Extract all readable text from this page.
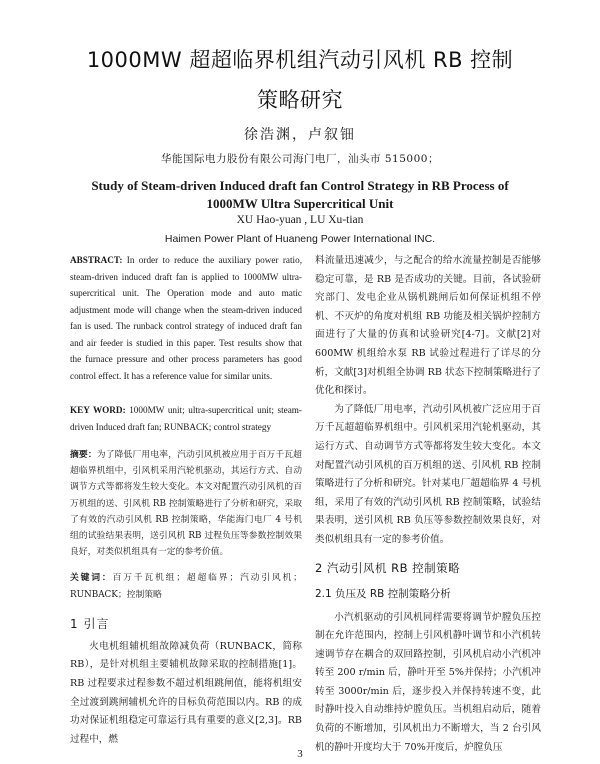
1000MW 超超临界机组汽动引风机 RB 控制
策略研究
徐浩渊，卢叙钿
华能国际电力股份有限公司海门电厂，汕头市 515000；
Study of Steam-driven Induced draft fan Control Strategy in RB Process of
1000MW Ultra Supercritical Unit
XU Hao-yuan , LU Xu-tian
Haimen Power Plant of Huaneng Power International INC.

ABSTRACT: In order to reduce the auxiliary power ratio, steam-driven induced draft fan is applied to 1000MW ultra-supercritical unit. The Operation mode and auto matic adjustment mode will change when the steam-driven induced fan is used. The runback control strategy of induced draft fan and air feeder is studied in this paper. Test results show that the furnace pressure and other process parameters has good control effect. It has a reference value for similar units.

KEY WORD: 1000MW unit; ultra-supercritical unit; steam-driven Induced draft fan; RUNBACK; control strategy

摘要：为了降低厂用电率，汽动引风机被应用于百万千瓦超超临界机组中，引风机采用汽轮机驱动，其运行方式、自动调节方式等都将发生较大变化。本文对配置汽动引风机的百万机组的送、引风机 RB 控制策略进行了分析和研究，采取了有效的汽动引风机 RB 控制策略，华能海门电厂 4 号机组的试验结果表明，送引风机 RB 过程负压等参数控制效果良好，对类似机组具有一定的参考价值。

关键词：百万千瓦机组；超超临界；汽动引风机；RUNBACK；控制策略

1 引言

火电机组辅机组故障减负荷（RUNBACK，简称 RB），是针对机组主要辅机故障采取的控制措施[1]。RB 过程要求过程参数不超过机组跳闸值，能将机组安全过渡到跳闸辅机允许的目标负荷范围以内。RB 的成功对保证机组稳定可靠运行具有重要的意义[2,3]。RB 过程中，燃

料流量迅速减少，与之配合的给水流量控制是否能够稳定可靠，是 RB 是否成功的关键。目前，各试验研究部门、发电企业从锅机跳闸后如何保证机组不停机、不灭炉的角度对机组 RB 功能及相关锅炉控制方面进行了大量的仿真和试验研究[4-7]。文献[2]对 600MW 机组给水泵 RB 试验过程进行了详尽的分析，文献[3]对机组全协调 RB 状态下控制策略进行了优化和探讨。

为了降低厂用电率，汽动引风机被广泛应用于百万千瓦超超临界机组中。引风机采用汽轮机驱动，其运行方式、自动调节方式等都将发生较大变化。本文对配置汽动引风机的百万机组的送、引风机 RB 控制策略进行了分析和研究。针对某电厂超超临界 4 号机组，采用了有效的汽动引风机 RB 控制策略，试验结果表明，送引风机 RB 负压等参数控制效果良好，对类似机组具有一定的参考价值。

2 汽动引风机 RB 控制策略
2.1 负压及 RB 控制策略分析

小汽机驱动的引风机同样需要将调节炉膛负压控制在允许范围内，控制上引风机静叶调节和小汽机转速调节存在耦合的双回路控制，引风机启动小汽机冲转至 200 r/min 后，静叶开至 5%并保持；小汽机冲转至 3000r/min 后，逐步投入并保持转速不变，此时静叶投入自动维持炉膛负压。当机组启动后，随着负荷的不断增加，引风机出力不断增大，当 2 台引风机的静叶开度均大于 70%开度后，炉膛负压

3
